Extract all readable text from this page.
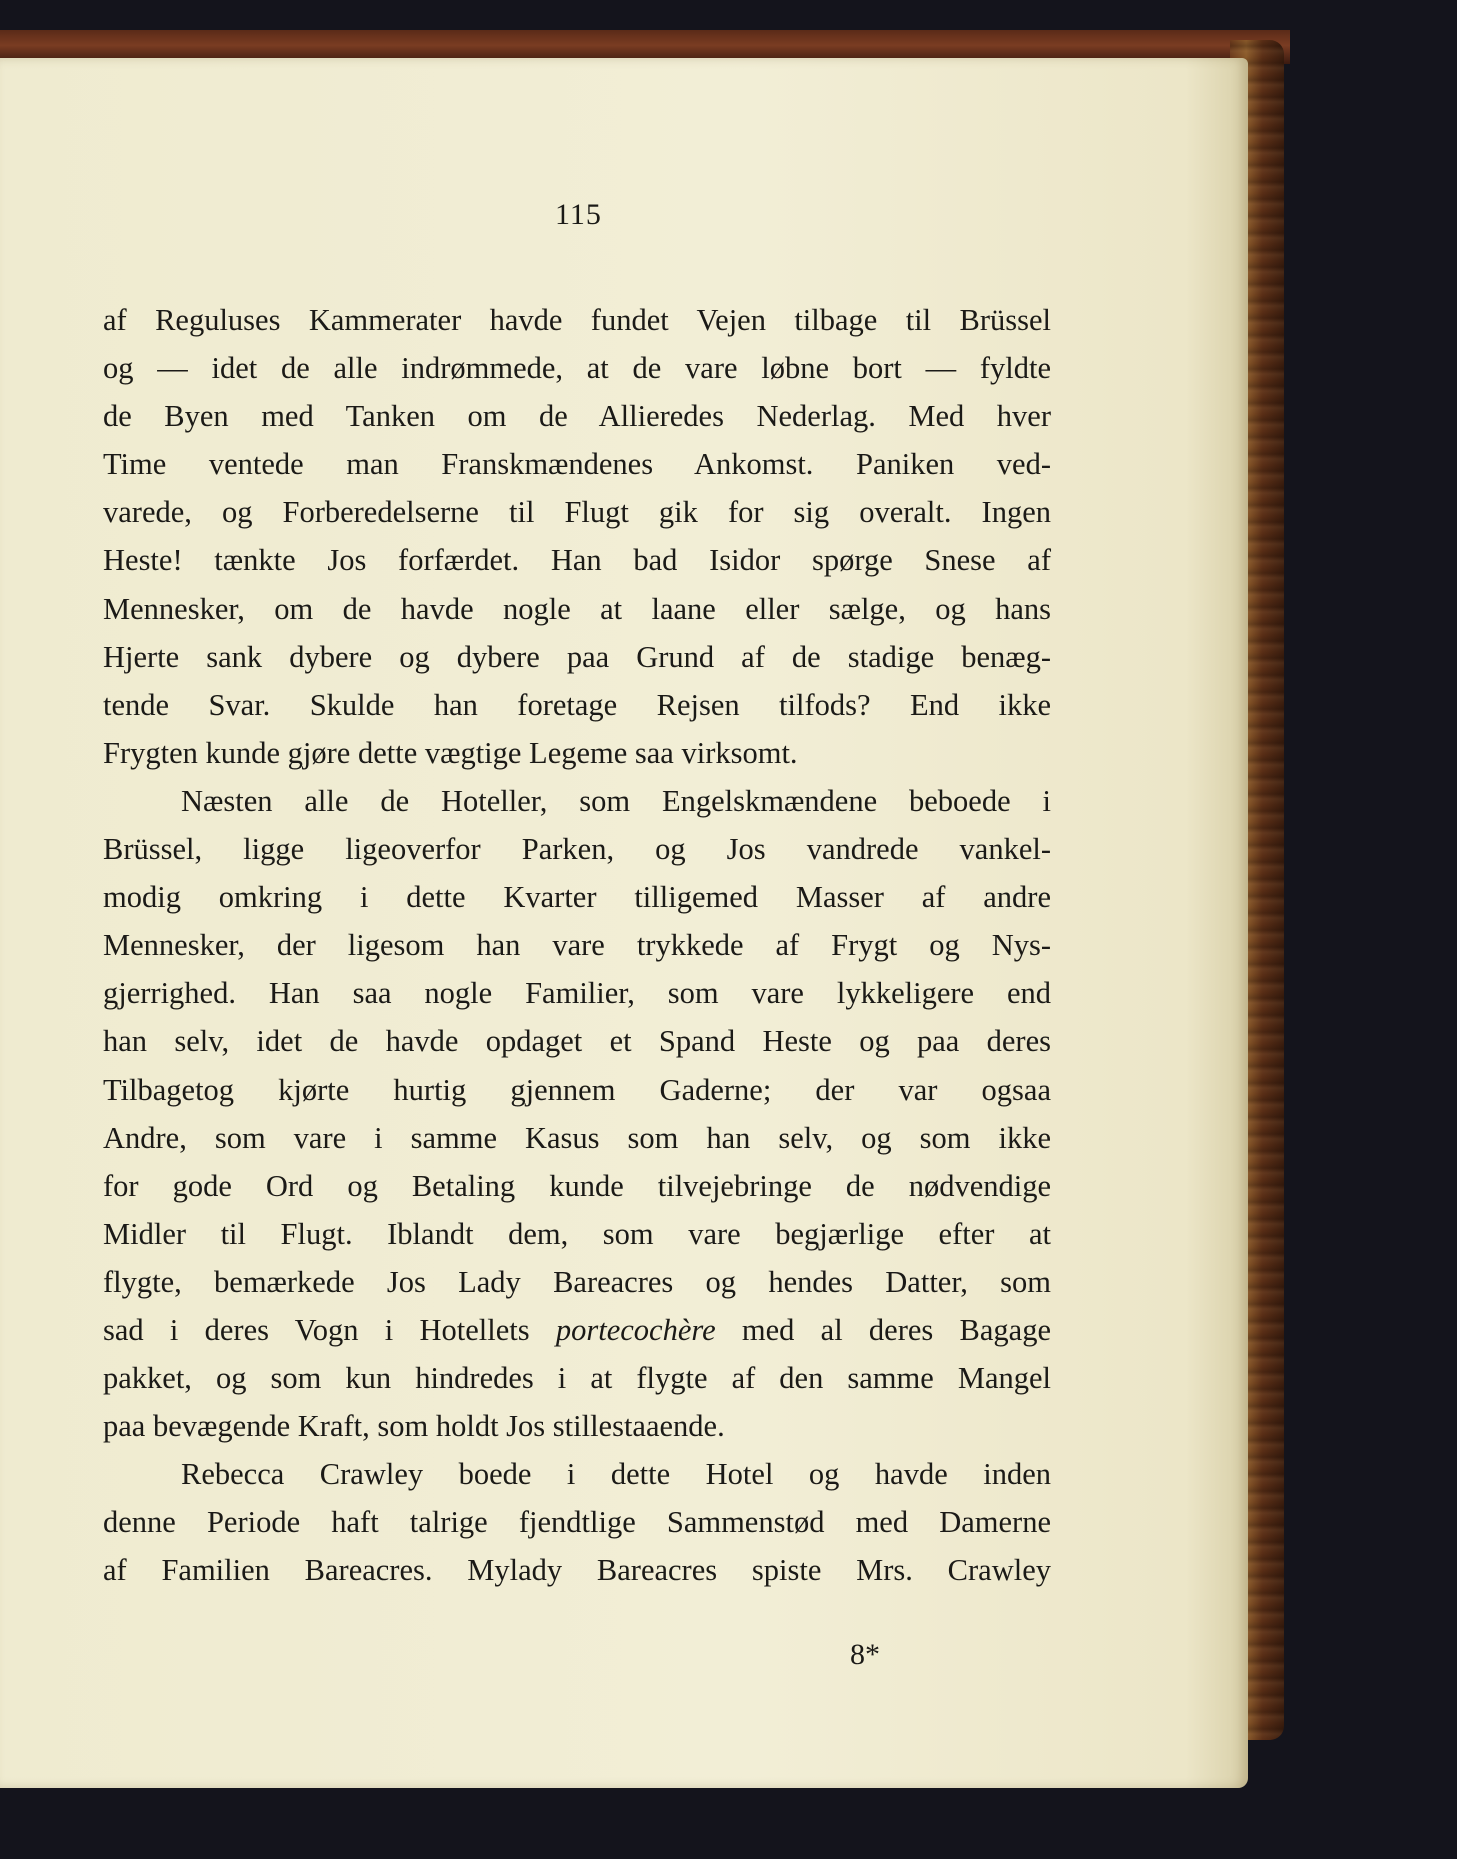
115
af Reguluses Kammerater havde fundet Vejen tilbage til Brüssel
og — idet de alle indrømmede, at de vare løbne bort — fyldte
de Byen med Tanken om de Allieredes Nederlag. Med hver
Time ventede man Franskmændenes Ankomst. Paniken ved-
varede, og Forberedelserne til Flugt gik for sig overalt. Ingen
Heste! tænkte Jos forfærdet. Han bad Isidor spørge Snese af
Mennesker, om de havde nogle at laane eller sælge, og hans
Hjerte sank dybere og dybere paa Grund af de stadige benæg-
tende Svar. Skulde han foretage Rejsen tilfods? End ikke
Frygten kunde gjøre dette vægtige Legeme saa virksomt.
Næsten alle de Hoteller, som Engelskmændene beboede i
Brüssel, ligge ligeoverfor Parken, og Jos vandrede vankel-
modig omkring i dette Kvarter tilligemed Masser af andre
Mennesker, der ligesom han vare trykkede af Frygt og Nys-
gjerrighed. Han saa nogle Familier, som vare lykkeligere end
han selv, idet de havde opdaget et Spand Heste og paa deres
Tilbagetog kjørte hurtig gjennem Gaderne; der var ogsaa
Andre, som vare i samme Kasus som han selv, og som ikke
for gode Ord og Betaling kunde tilvejebringe de nødvendige
Midler til Flugt. Iblandt dem, som vare begjærlige efter at
flygte, bemærkede Jos Lady Bareacres og hendes Datter, som
sad i deres Vogn i Hotellets portecochère med al deres Bagage
pakket, og som kun hindredes i at flygte af den samme Mangel
paa bevægende Kraft, som holdt Jos stillestaaende.
Rebecca Crawley boede i dette Hotel og havde inden
denne Periode haft talrige fjendtlige Sammenstød med Damerne
af Familien Bareacres. Mylady Bareacres spiste Mrs. Crawley
8*
